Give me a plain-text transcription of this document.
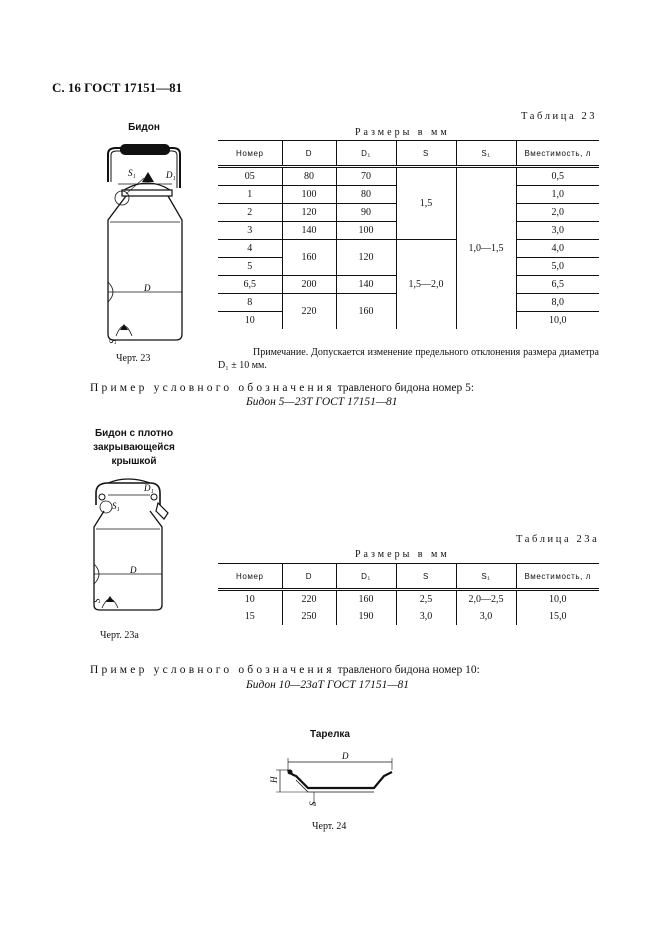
С. 16 ГОСТ 17151—81
Бидон
D₁
S₁
D
S
Черт. 23
Таблица 23
Размеры в мм
Номер	D	D₁	S	S₁	Вместимость, л
05	80	70	1,5	1,0—1,5	0,5
1	100	80			1,0
2	120	90			2,0
3	140	100			3,0
4	160	120	1,5—2,0		4,0
5					5,0
6,5	200	140			6,5
8	220	160			8,0
10					10,0
Примечание. Допускается изменение предельного отклонения размера диаметра D₁ ± 10 мм.
Пример условного обозначения травленого бидона номер 5:
Бидон 5—23Т ГОСТ 17151—81
Бидон с плотно
закрывающейся
крышкой
D₁
S₁
D
S
Черт. 23а
Таблица 23а
Размеры в мм
Номер	D	D₁	S	S₁	Вместимость, л
10	220	160	2,5	2,0—2,5	10,0
15	250	190	3,0	3,0	15,0
Пример условного обозначения травленого бидона номер 10:
Бидон 10—23аТ ГОСТ 17151—81
Тарелка
D
H
S
Черт. 24
